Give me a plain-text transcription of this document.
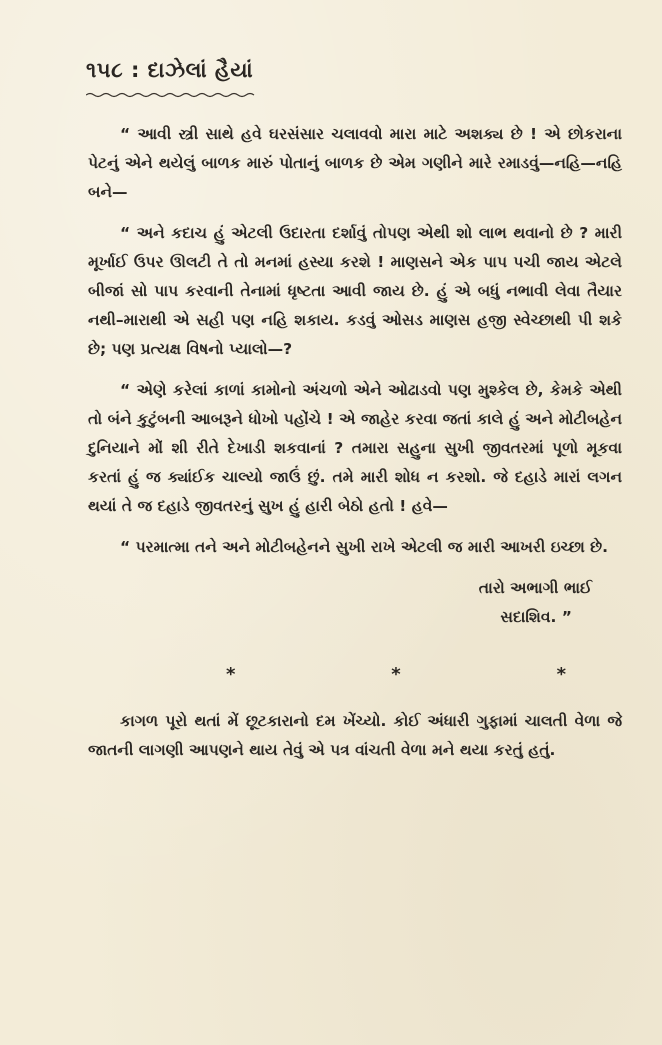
૧૫૮ : દાઝેલાં હૈયાં

“ આવી સ્ત્રી સાથે હવે ઘરસંસાર ચલાવવો મારા માટે અશક્ય છે ! એ છોકરાના પેટનું એને થયેલું બાળક મારું પોતાનું બાળક છે એમ ગણીને મારે રમાડવું—નહિ—નહિ બને—

“ અને કદાચ હું એટલી ઉદારતા દર્શાવું તોપણ એથી શો લાભ થવાનો છે ? મારી મૂર્ખાઈ ઉપર ઊલટી તે તો મનમાં હસ્યા કરશે ! માણસને એક પાપ પચી જાય એટલે બીજાં સો પાપ કરવાની તેનામાં ધૃષ્ટતા આવી જાય છે. હું એ બધું નભાવી લેવા તૈયાર નથી–મારાથી એ સહી પણ નહિ શકાય. કડવું ઓસડ માણસ હજી સ્વેચ્છાથી પી શકે છે; પણ પ્રત્યક્ષ વિષનો પ્યાલો—?

“ એણે કરેલાં કાળાં કામોનો અંચળો એને ઓઢાડવો પણ મુશ્કેલ છે, કેમકે એથી તો બંને કુટુંબની આબરૂને ધોખો પહોંચે ! એ જાહેર કરવા જતાં કાલે હું અને મોટીબહેન દુનિયાને મોં શી રીતે દેખાડી શકવાનાં ? તમારા સહુના સુખી જીવતરમાં પૂળો મૂકવા કરતાં હું જ ક્યાંઈક ચાલ્યો જાઉં છું. તમે મારી શોધ ન કરશો. જે દહાડે મારાં લગન થયાં તે જ દહાડે જીવતરનું સુખ હું હારી બેઠો હતો ! હવે—

“ પરમાત્મા તને અને મોટીબહેનને સુખી રાખે એટલી જ મારી આખરી ઇચ્છા છે.

તારો અભાગી ભાઈ
સદાશિવ. ”
*	*	*

કાગળ પૂરો થતાં મેં છૂટકારાનો દમ ખેંચ્યો. કોઈ અંધારી ગુફામાં ચાલતી વેળા જે જાતની લાગણી આપણને થાય તેવું એ પત્ર વાંચતી વેળા મને થયા કરતું હતું.
